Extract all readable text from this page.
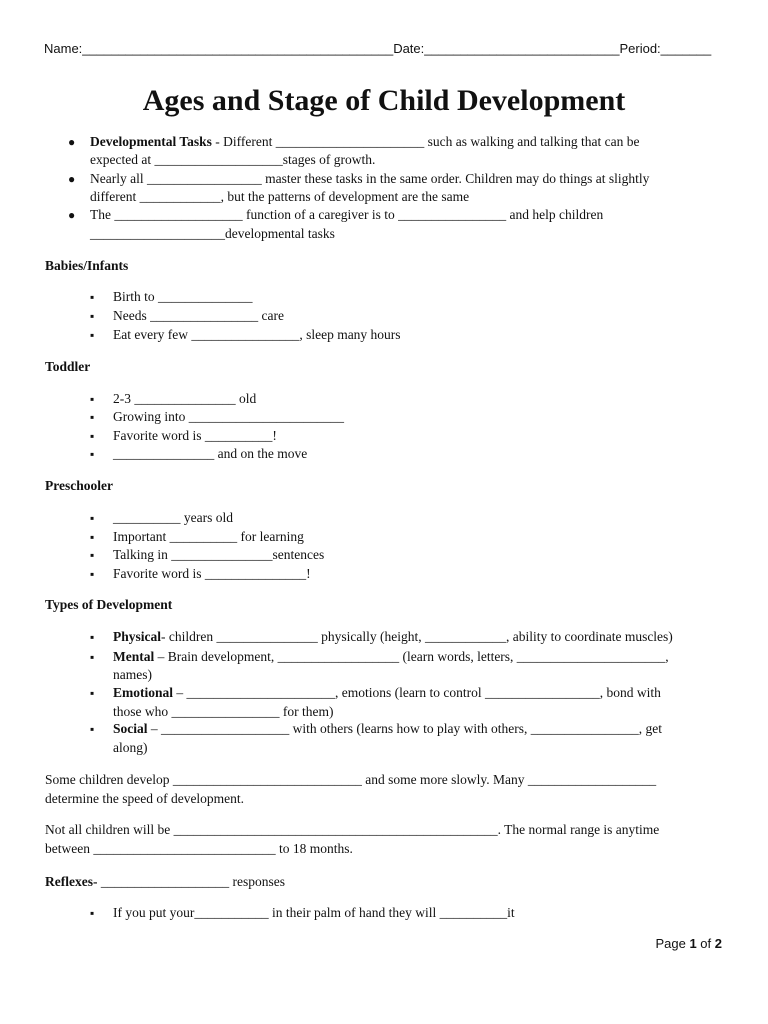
Name:___________________________________________Date:___________________________Period:_______
Ages and Stage of Child Development
● Developmental Tasks - Different ______________________ such as walking and talking that can be
expected at ___________________stages of growth.
● Nearly all _________________ master these tasks in the same order. Children may do things at slightly
different ____________, but the patterns of development are the same
● The ___________________ function of a caregiver is to ________________ and help children
____________________developmental tasks
Babies/Infants
▪ Birth to ______________
▪ Needs ________________ care
▪ Eat every few ________________, sleep many hours
Toddler
▪ 2-3 _______________ old
▪ Growing into _______________________
▪ Favorite word is __________!
▪ _______________ and on the move
Preschooler
▪ __________ years old
▪ Important __________ for learning
▪ Talking in _______________sentences
▪ Favorite word is _______________!
Types of Development
▪ Physical- children _______________ physically (height, ____________, ability to coordinate muscles)
▪ Mental – Brain development, __________________ (learn words, letters, ______________________,
names)
▪ Emotional – ______________________, emotions (learn to control _________________, bond with
those who ________________ for them)
▪ Social – ___________________ with others (learns how to play with others, ________________, get
along)
Some children develop ____________________________ and some more slowly. Many ___________________
determine the speed of development.
Not all children will be ________________________________________________. The normal range is anytime
between ___________________________ to 18 months.
Reflexes- ___________________ responses
▪ If you put your___________ in their palm of hand they will __________it
Page 1 of 2
